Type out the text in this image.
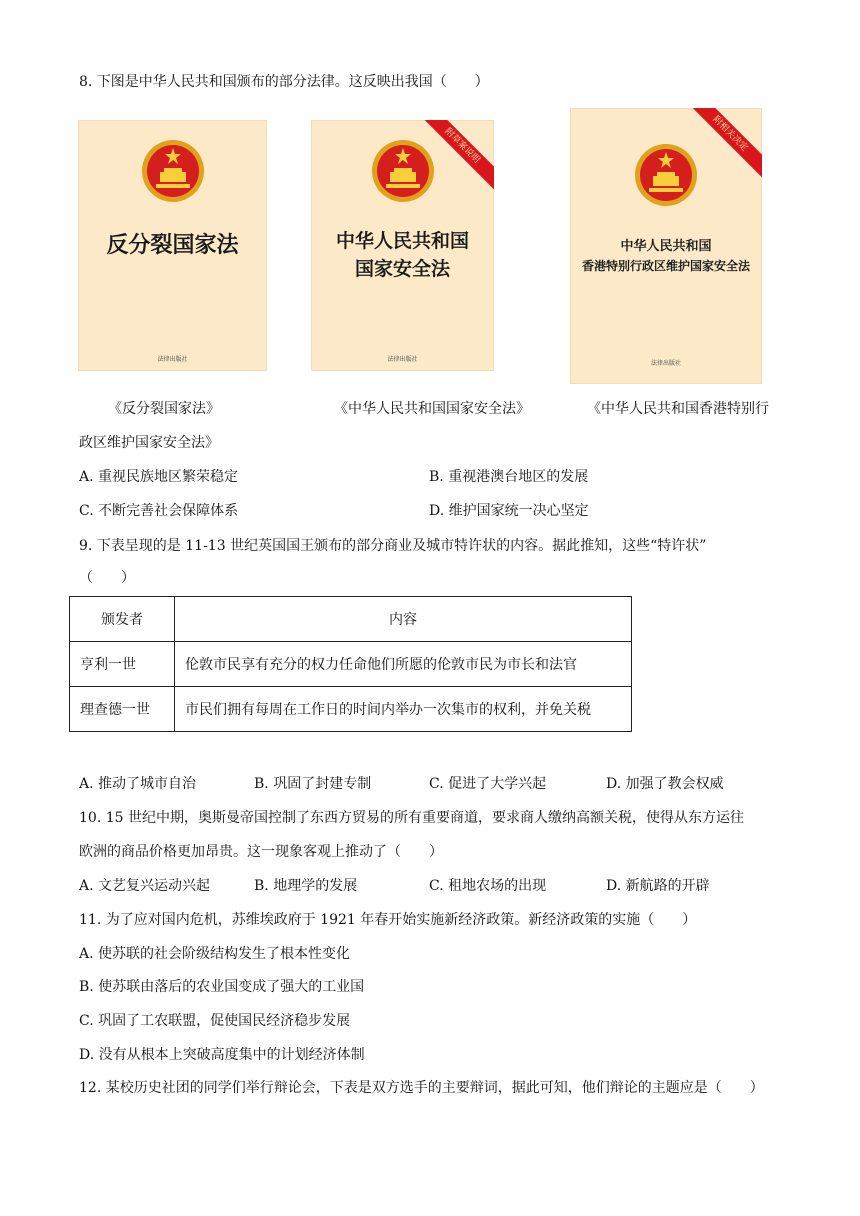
8. 下图是中华人民共和国颁布的部分法律。这反映出我国（　　）
反分裂国家法
法律出版社
附草案说明
中华人民共和国
国家安全法
法律出版社
附相关决定
中华人民共和国
香港特别行政区维护国家安全法
法律出版社
《反分裂国家法》	《中华人民共和国国家安全法》	《中华人民共和国香港特别行
政区维护国家安全法》
A. 重视民族地区繁荣稳定	B. 重视港澳台地区的发展
C. 不断完善社会保障体系	D. 维护国家统一决心坚定
9. 下表呈现的是 11-13 世纪英国国王颁布的部分商业及城市特许状的内容。据此推知，这些“特许状”
（　　）
颁发者	内容
亨利一世	伦敦市民享有充分的权力任命他们所愿的伦敦市民为市长和法官
理查德一世	市民们拥有每周在工作日的时间内举办一次集市的权利，并免关税
A. 推动了城市自治	B. 巩固了封建专制	C. 促进了大学兴起	D. 加强了教会权威
10. 15 世纪中期，奥斯曼帝国控制了东西方贸易的所有重要商道，要求商人缴纳高额关税，使得从东方运往
欧洲的商品价格更加昂贵。这一现象客观上推动了（　　）
A. 文艺复兴运动兴起	B. 地理学的发展	C. 租地农场的出现	D. 新航路的开辟
11. 为了应对国内危机，苏维埃政府于 1921 年春开始实施新经济政策。新经济政策的实施（　　）
A. 使苏联的社会阶级结构发生了根本性变化
B. 使苏联由落后的农业国变成了强大的工业国
C. 巩固了工农联盟，促使国民经济稳步发展
D. 没有从根本上突破高度集中的计划经济体制
12. 某校历史社团的同学们举行辩论会，下表是双方选手的主要辩词，据此可知，他们辩论的主题应是（　　）
